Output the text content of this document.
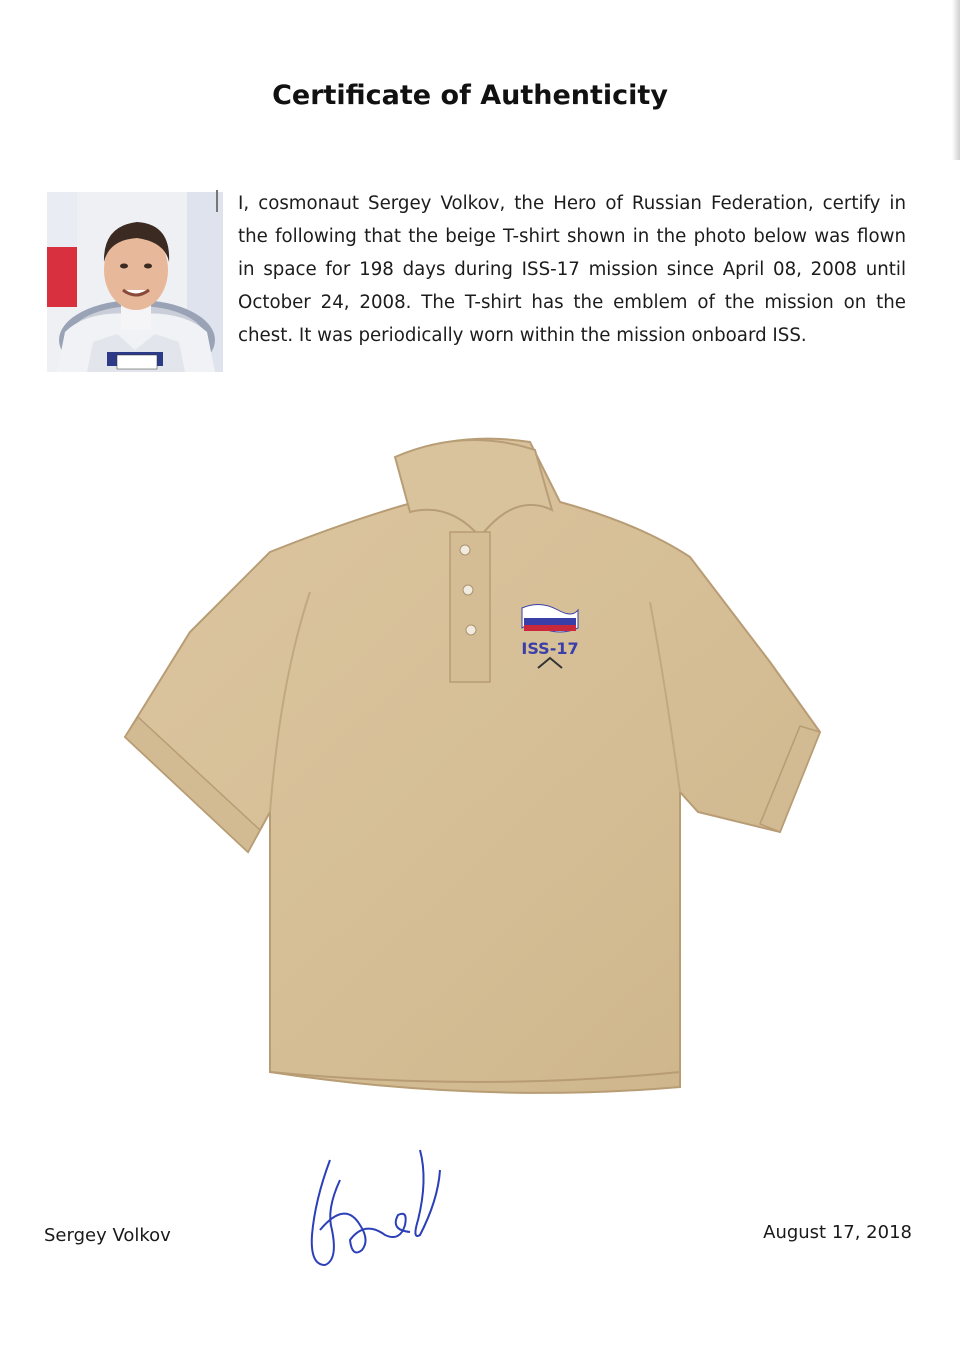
Certificate of Authenticity
I, cosmonaut Sergey Volkov, the Hero of Russian Federation, certify in the following that the beige T-shirt shown in the photo below was flown in space for 198 days during ISS-17 mission since April 08, 2008 until October 24, 2008. The T-shirt has the emblem of the mission on the chest. It was periodically worn within the mission onboard ISS.
ISS-17
Sergey Volkov	August 17, 2018
